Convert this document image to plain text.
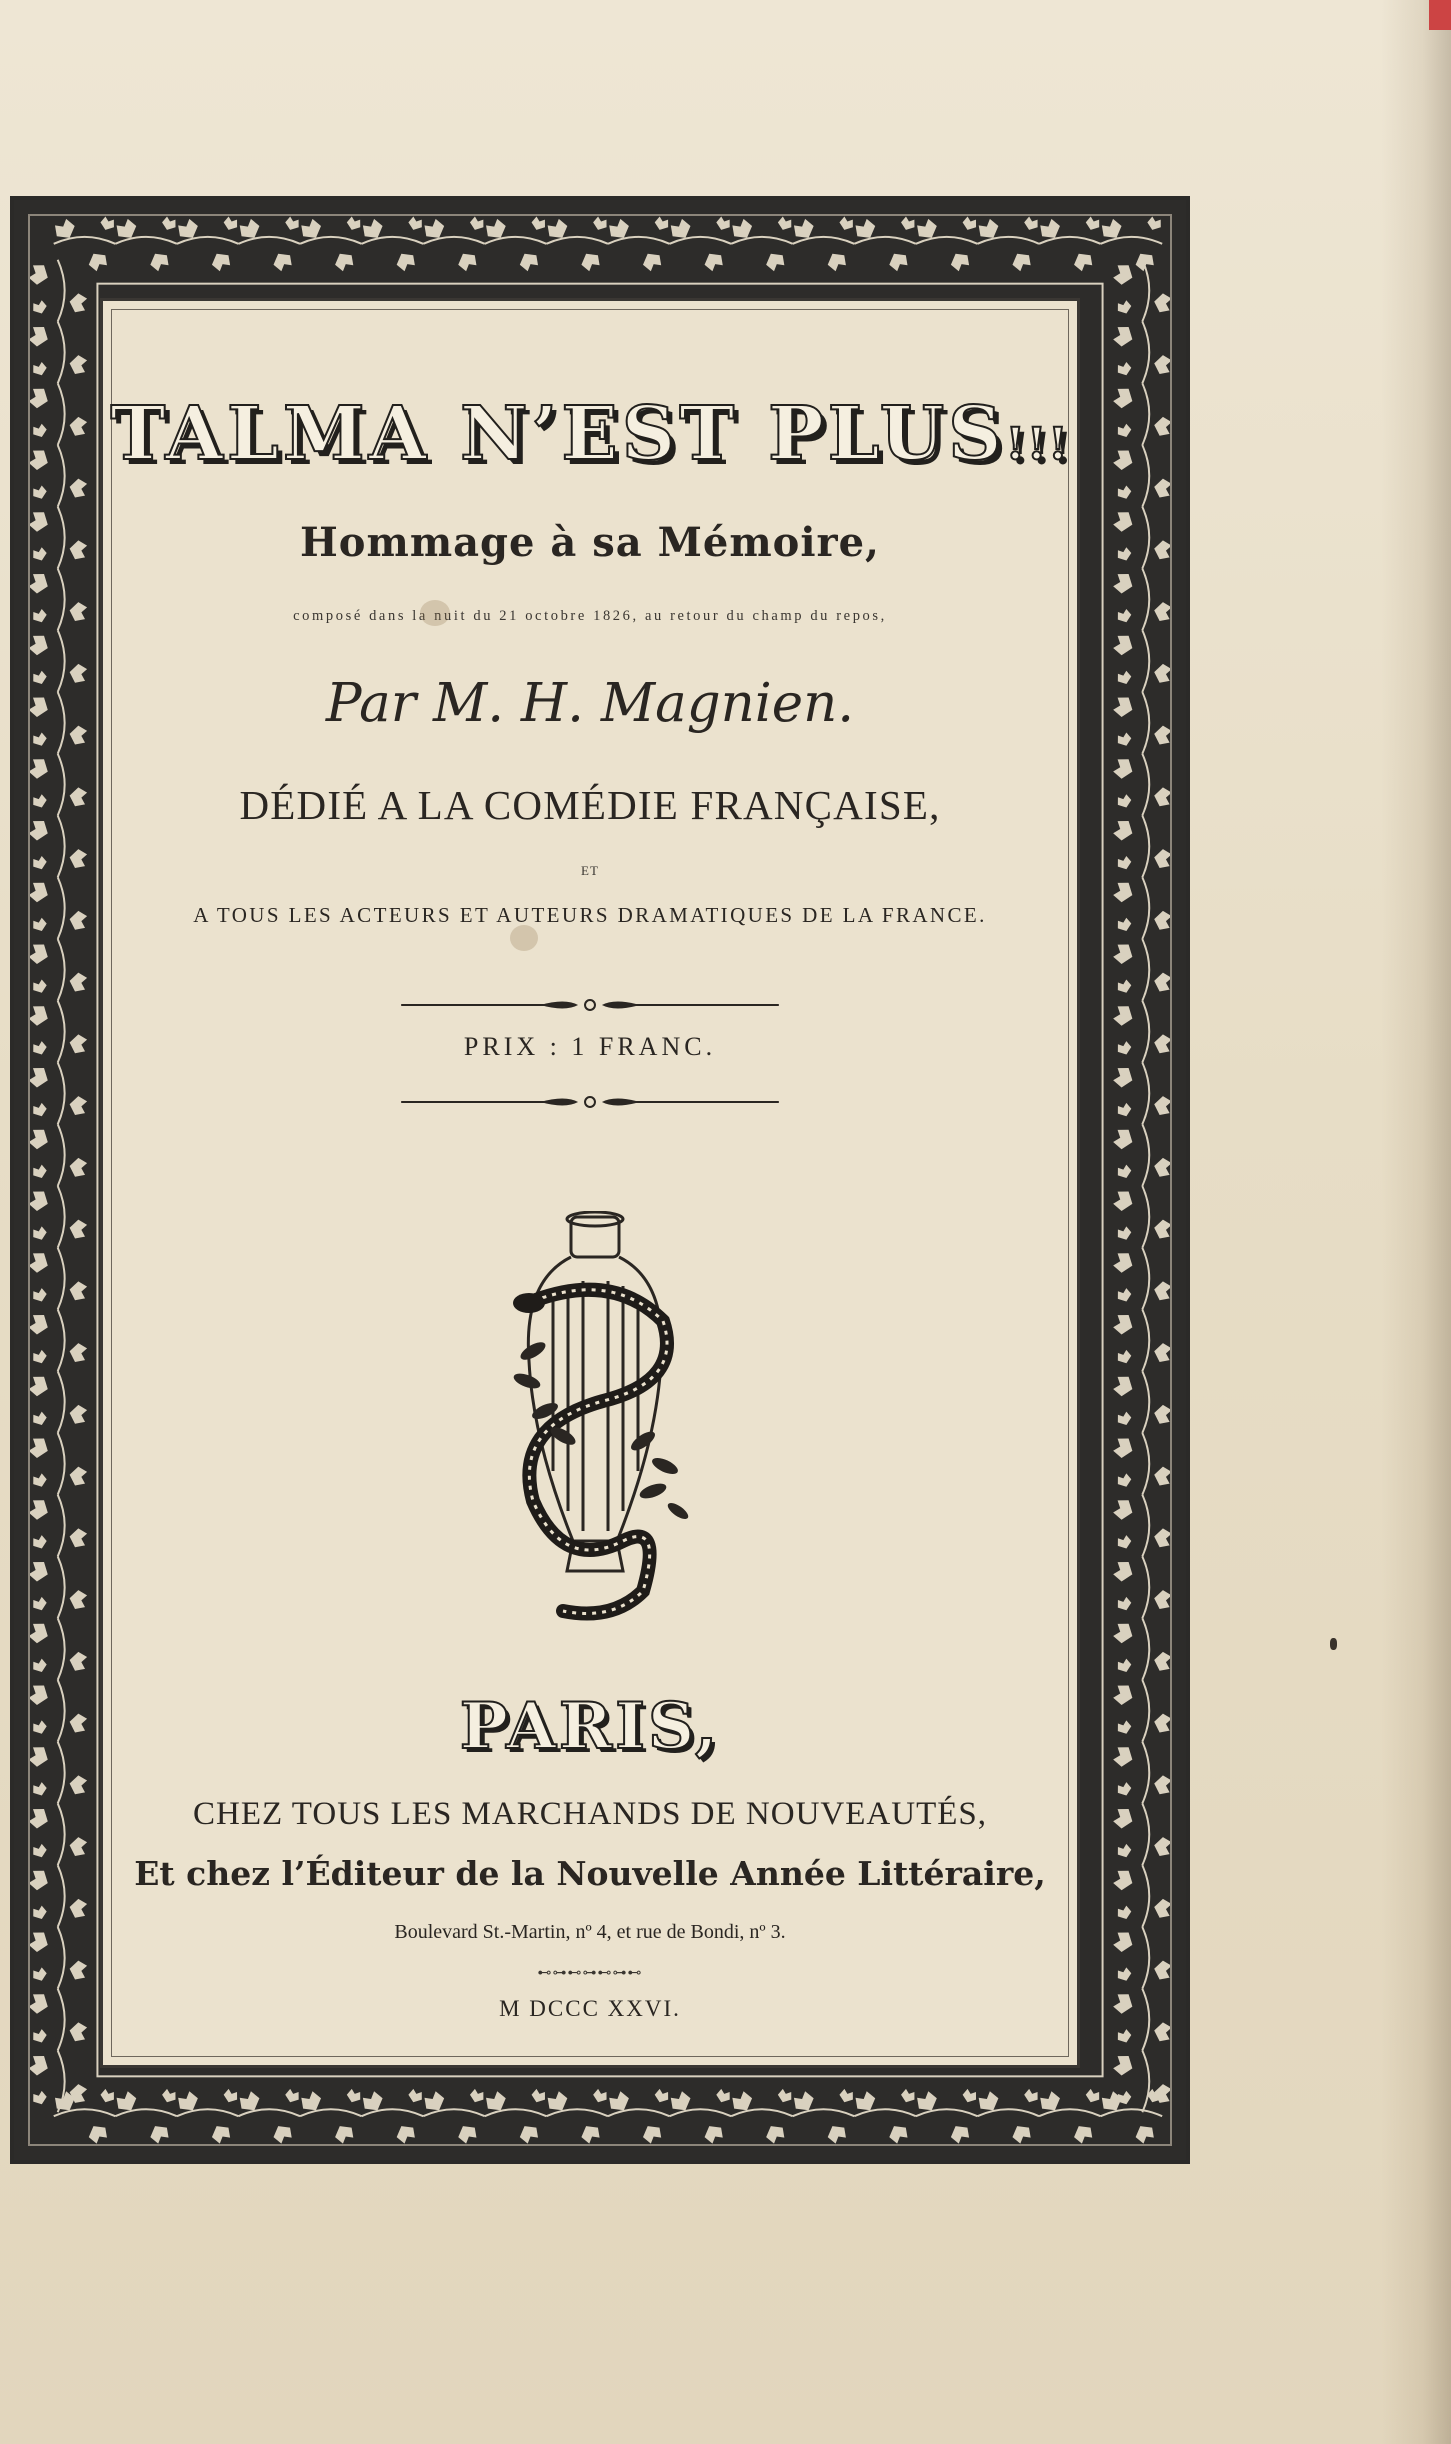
TALMA N’EST PLUS!!!
Hommage à sa Mémoire,
composé dans la nuit du 21 octobre 1826, au retour du champ du repos,
Par M. H. Magnien.
DÉDIÉ A LA COMÉDIE FRANÇAISE,
ET
A TOUS LES ACTEURS ET AUTEURS DRAMATIQUES DE LA FRANCE.
PRIX : 1 FRANC.
PARIS,
CHEZ TOUS LES MARCHANDS DE NOUVEAUTÉS,
Et chez l’Éditeur de la Nouvelle Année Littéraire,
Boulevard St.-Martin, nº 4, et rue de Bondi, nº 3.
⊷⊶⊷⊶⊷⊶⊷
M DCCC XXVI.
